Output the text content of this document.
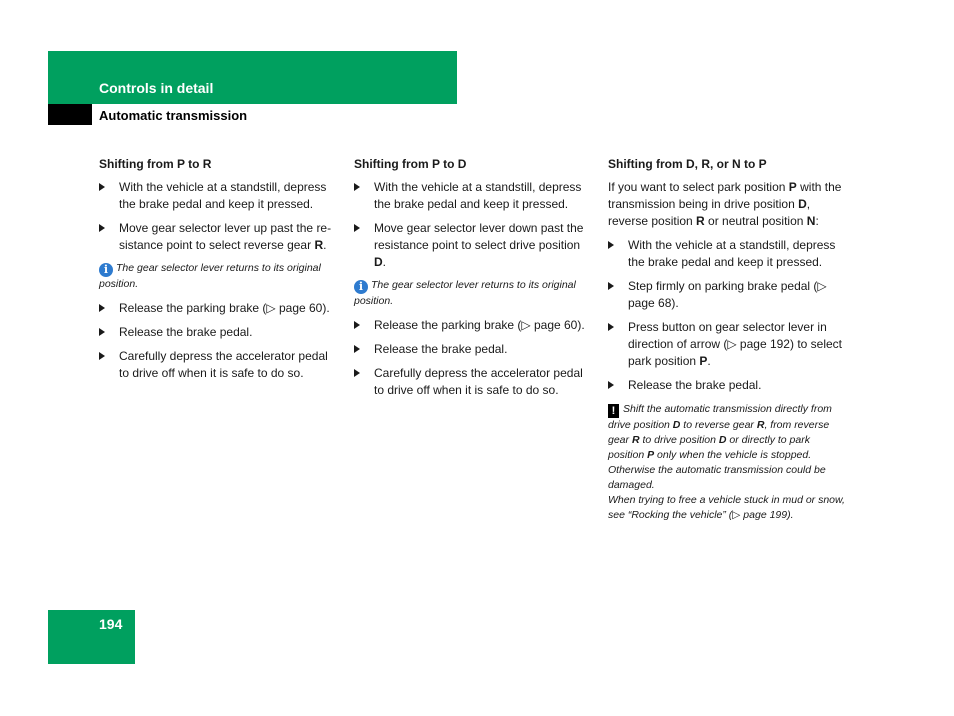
Controls in detail
Automatic transmission
Shifting from P to R
With the vehicle at a standstill, depress the brake pedal and keep it pressed.
Move gear selector lever up past the re-sistance point to select reverse gear R.
i The gear selector lever returns to its original position.
Release the parking brake (▷ page 60).
Release the brake pedal.
Carefully depress the accelerator pedal to drive off when it is safe to do so.
Shifting from P to D
With the vehicle at a standstill, depress the brake pedal and keep it pressed.
Move gear selector lever down past the resistance point to select drive position D.
i The gear selector lever returns to its original position.
Release the parking brake (▷ page 60).
Release the brake pedal.
Carefully depress the accelerator pedal to drive off when it is safe to do so.
Shifting from D, R, or N to P
If you want to select park position P with the transmission being in drive position D, reverse position R or neutral position N:
With the vehicle at a standstill, depress the brake pedal and keep it pressed.
Step firmly on parking brake pedal (▷ page 68).
Press button on gear selector lever in direction of arrow (▷ page 192) to select park position P.
Release the brake pedal.
! Shift the automatic transmission directly from drive position D to reverse gear R, from reverse gear R to drive position D or directly to park position P only when the vehicle is stopped. Otherwise the automatic transmission could be damaged.
When trying to free a vehicle stuck in mud or snow, see “Rocking the vehicle” (▷ page 199).
194
